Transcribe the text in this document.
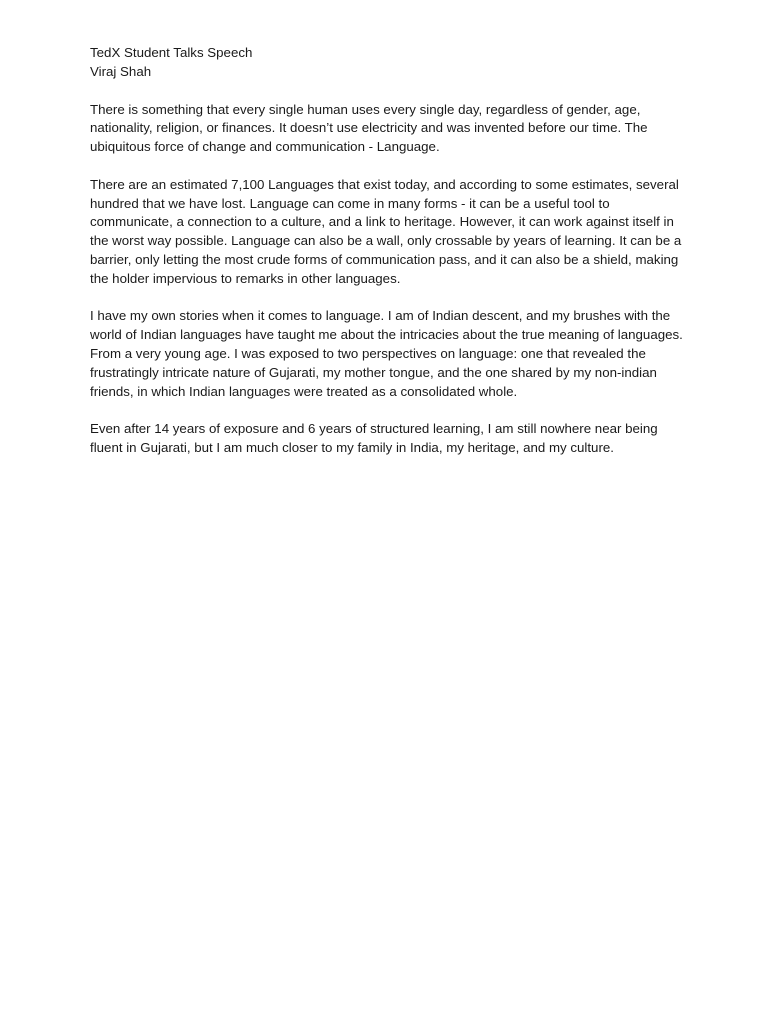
TedX Student Talks Speech

Viraj Shah

There is something that every single human uses every single day, regardless of gender, age, nationality, religion, or finances. It doesn’t use electricity and was invented before our time. The ubiquitous force of change and communication - Language.

There are an estimated 7,100 Languages that exist today, and according to some estimates, several hundred that we have lost. Language can come in many forms - it can be a useful tool to communicate, a connection to a culture, and a link to heritage. However, it can work against itself in the worst way possible. Language can also be a wall, only crossable by years of learning. It can be a barrier, only letting the most crude forms of communication pass, and it can also be a shield, making the holder impervious to remarks in other languages.

I have my own stories when it comes to language. I am of Indian descent, and my brushes with the world of Indian languages have taught me about the intricacies about the true meaning of languages. From a very young age. I was exposed to two perspectives on language: one that revealed the frustratingly intricate nature of Gujarati, my mother tongue, and the one shared by my non-indian friends, in which Indian languages were treated as a consolidated whole.

Even after 14 years of exposure and 6 years of structured learning, I am still nowhere near being fluent in Gujarati, but I am much closer to my family in India, my heritage, and my culture.
